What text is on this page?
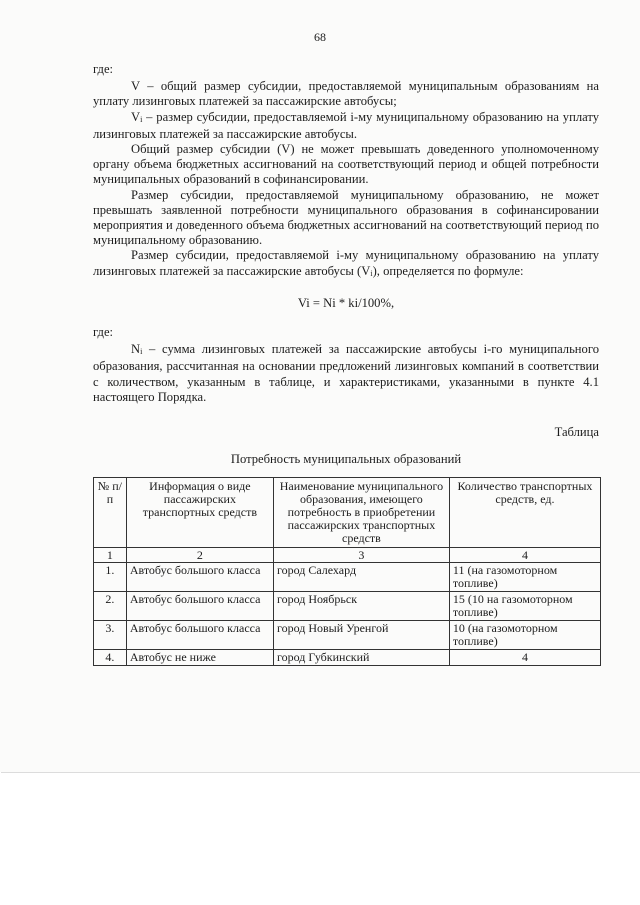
68

где:

V – общий размер субсидии, предоставляемой муниципальным образованиям на уплату лизинговых платежей за пассажирские автобусы;

$V_i$ – размер субсидии, предоставляемой i-му муниципальному образованию на уплату лизинговых платежей за пассажирские автобусы.

Общий размер субсидии (V) не может превышать доведенного уполномоченному органу объема бюджетных ассигнований на соответствующий период и общей потребности муниципальных образований в софинансировании.

Размер субсидии, предоставляемой муниципальному образованию, не может превышать заявленной потребности муниципального образования в софинансировании мероприятия и доведенного объема бюджетных ассигнований на соответствующий период по муниципальному образованию.

Размер субсидии, предоставляемой i-му муниципальному образованию на уплату лизинговых платежей за пассажирские автобусы $(V_i)$, определяется по формуле:

Vi = Ni * ki/100%,

где:

$N_i$ – сумма лизинговых платежей за пассажирские автобусы i-го муниципального образования, рассчитанная на основании предложений лизинговых компаний в соответствии с количеством, указанным в таблице, и характеристиками, указанными в пункте 4.1 настоящего Порядка.

Таблица

Потребность муниципальных образований

№ п/п	Информация о виде пассажирских транспортных средств	Наименование муниципального образования, имеющего потребность в приобретении пассажирских транспортных средств	Количество транспортных средств, ед.
1	2	3	4
1.	Автобус большого класса	город Салехард	11 (на газомоторном топливе)
2.	Автобус большого класса	город Ноябрьск	15 (10 на газомоторном топливе)
3.	Автобус большого класса	город Новый Уренгой	10 (на газомоторном топливе)
4.	Автобус не ниже	город Губкинский	4
